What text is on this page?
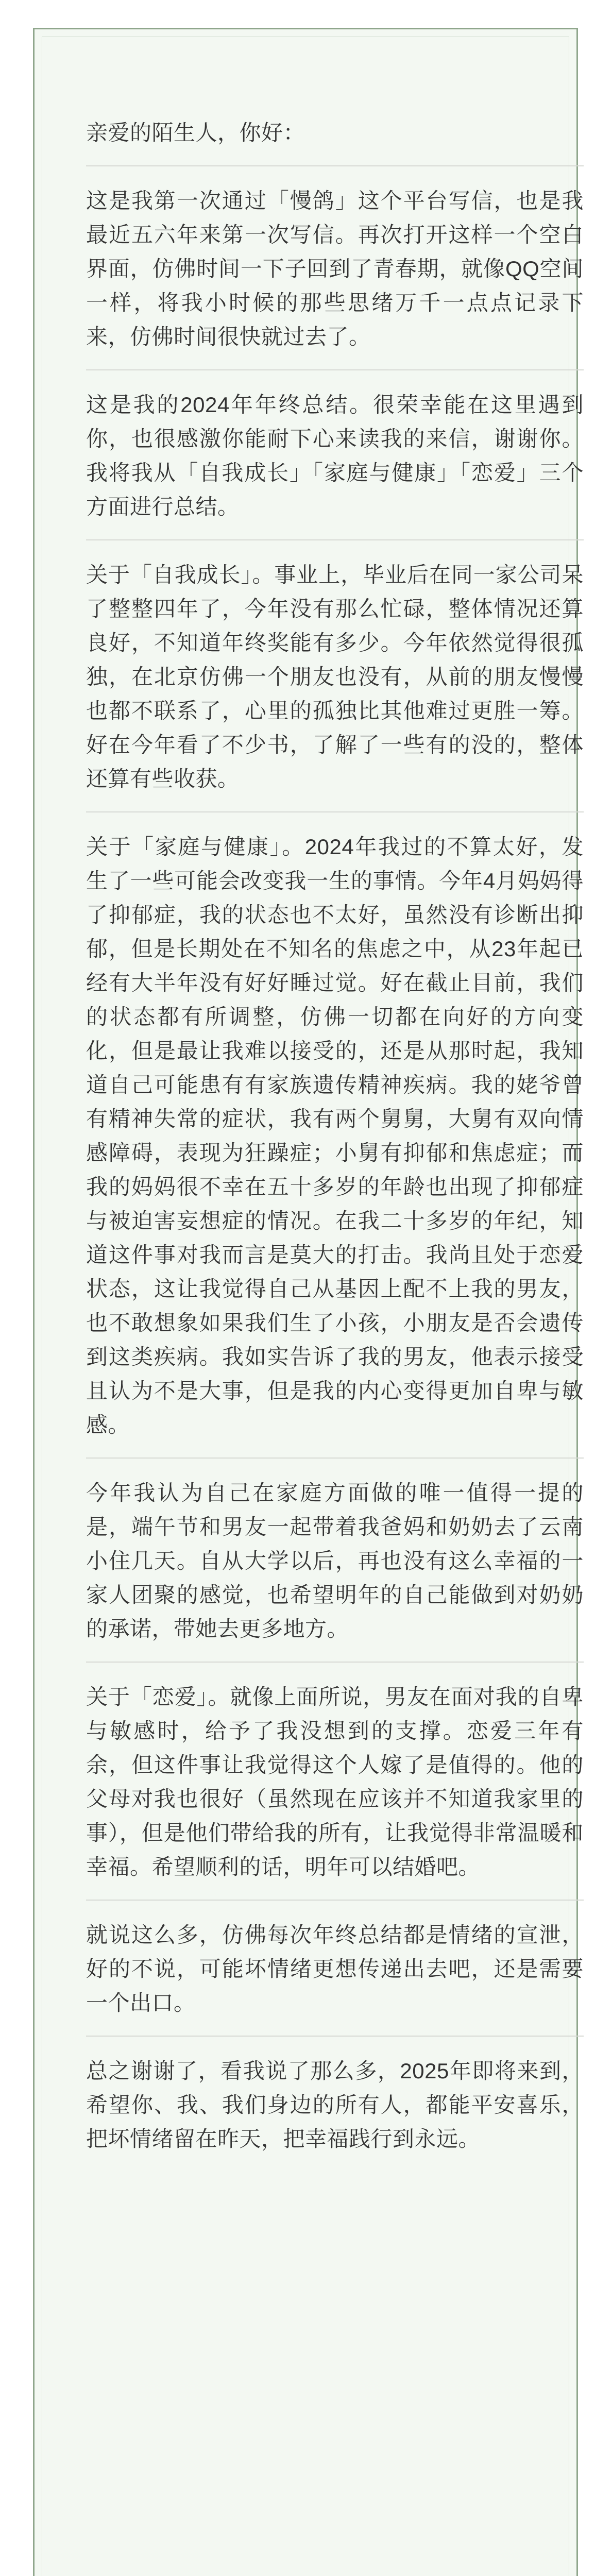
亲爱的陌生人，你好：

这是我第一次通过「慢鸽」这个平台写信，也是我最近五六年来第一次写信。再次打开这样一个空白界面，仿佛时间一下子回到了青春期，就像QQ空间一样，将我小时候的那些思绪万千一点点记录下来，仿佛时间很快就过去了。

这是我的2024年年终总结。很荣幸能在这里遇到你，也很感激你能耐下心来读我的来信，谢谢你。我将我从「自我成长」「家庭与健康」「恋爱」三个方面进行总结。

关于「自我成长」。事业上，毕业后在同一家公司呆了整整四年了，今年没有那么忙碌，整体情况还算良好，不知道年终奖能有多少。今年依然觉得很孤独，在北京仿佛一个朋友也没有，从前的朋友慢慢也都不联系了，心里的孤独比其他难过更胜一筹。好在今年看了不少书，了解了一些有的没的，整体还算有些收获。

关于「家庭与健康」。2024年我过的不算太好，发生了一些可能会改变我一生的事情。今年4月妈妈得了抑郁症，我的状态也不太好，虽然没有诊断出抑郁，但是长期处在不知名的焦虑之中，从23年起已经有大半年没有好好睡过觉。好在截止目前，我们的状态都有所调整，仿佛一切都在向好的方向变化，但是最让我难以接受的，还是从那时起，我知道自己可能患有有家族遗传精神疾病。我的姥爷曾有精神失常的症状，我有两个舅舅，大舅有双向情感障碍，表现为狂躁症；小舅有抑郁和焦虑症；而我的妈妈很不幸在五十多岁的年龄也出现了抑郁症与被迫害妄想症的情况。在我二十多岁的年纪，知道这件事对我而言是莫大的打击。我尚且处于恋爱状态，这让我觉得自己从基因上配不上我的男友，也不敢想象如果我们生了小孩，小朋友是否会遗传到这类疾病。我如实告诉了我的男友，他表示接受且认为不是大事，但是我的内心变得更加自卑与敏感。

今年我认为自己在家庭方面做的唯一值得一提的是，端午节和男友一起带着我爸妈和奶奶去了云南小住几天。自从大学以后，再也没有这么幸福的一家人团聚的感觉，也希望明年的自己能做到对奶奶的承诺，带她去更多地方。

关于「恋爱」。就像上面所说，男友在面对我的自卑与敏感时，给予了我没想到的支撑。恋爱三年有余，但这件事让我觉得这个人嫁了是值得的。他的父母对我也很好（虽然现在应该并不知道我家里的事），但是他们带给我的所有，让我觉得非常温暖和幸福。希望顺利的话，明年可以结婚吧。

就说这么多，仿佛每次年终总结都是情绪的宣泄，好的不说，可能坏情绪更想传递出去吧，还是需要一个出口。

总之谢谢了，看我说了那么多，2025年即将来到，希望你、我、我们身边的所有人，都能平安喜乐，把坏情绪留在昨天，把幸福践行到永远。
